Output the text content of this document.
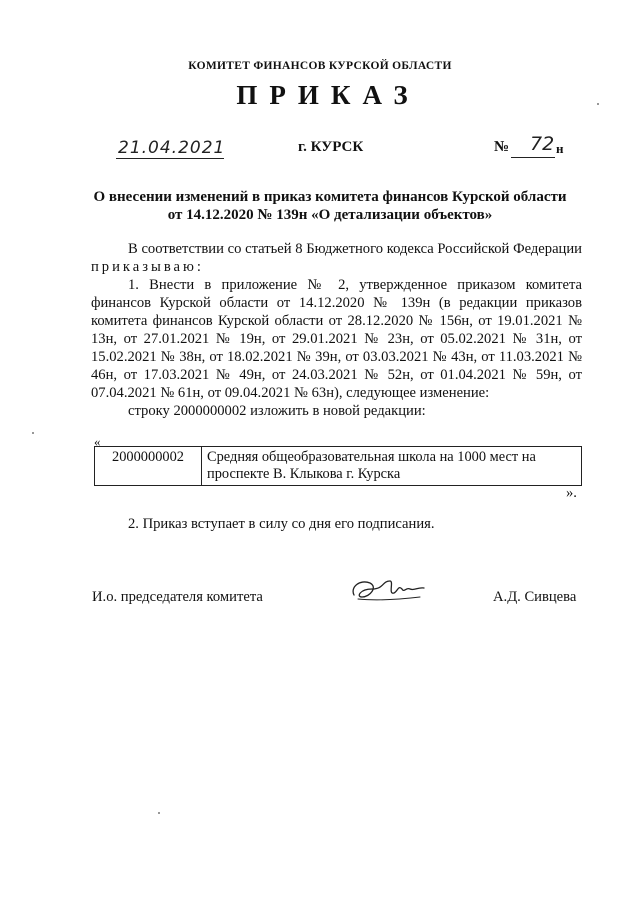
КОМИТЕТ ФИНАНСОВ КУРСКОЙ ОБЛАСТИ
ПРИКАЗ
21.04.2021	г. КУРСК	№ 72 н
О внесении изменений в приказ комитета финансов Курской области
от 14.12.2020 № 139н «О детализации объектов»

В соответствии со статьей 8 Бюджетного кодекса Российской Федерации приказываю:

1. Внести в приложение № 2, утвержденное приказом комитета финансов Курской области от 14.12.2020 № 139н (в редакции приказов комитета финансов Курской области от 28.12.2020 № 156н, от 19.01.2021 № 13н, от 27.01.2021 № 19н, от 29.01.2021 № 23н, от 05.02.2021 № 31н, от 15.02.2021 № 38н, от 18.02.2021 № 39н, от 03.03.2021 № 43н, от 11.03.2021 № 46н, от 17.03.2021 № 49н, от 24.03.2021 № 52н, от 01.04.2021 № 59н, от 07.04.2021 № 61н, от 09.04.2021 № 63н), следующее изменение:

строку 2000000002 изложить в новой редакции:

«
2000000002	Средняя общеобразовательная школа на 1000 мест на проспекте В. Клыкова г. Курска
».
2. Приказ вступает в силу со дня его подписания.
И.о. председателя комитета	А.Д. Сивцева
